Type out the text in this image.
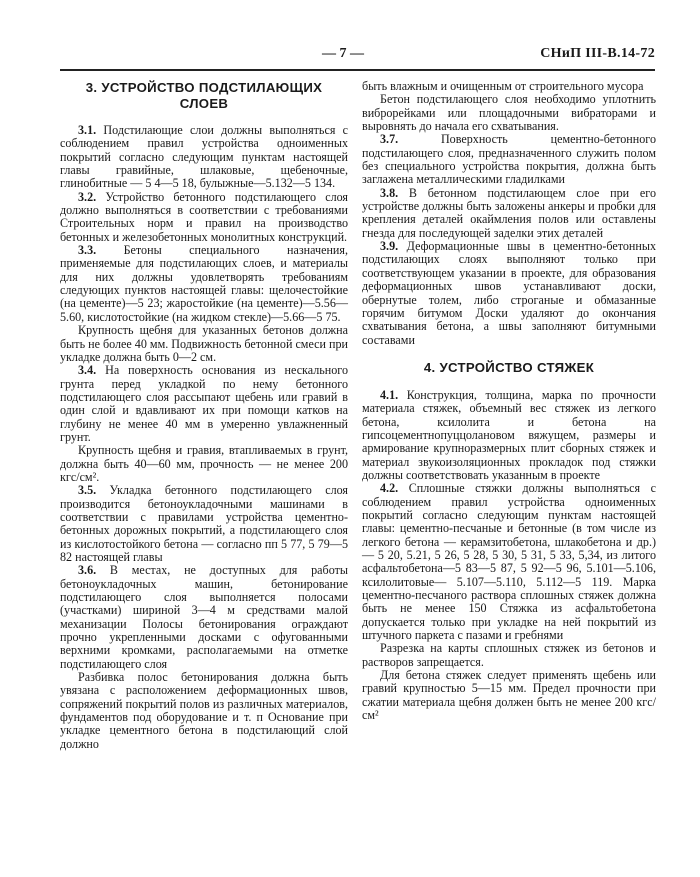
— 7 —	СНиП III-В.14-72
3. УСТРОЙСТВО ПОДСТИЛАЮЩИХ СЛОЕВ

3.1. Подстилающие слои должны выполняться с соблюдением правил устройства одноименных покрытий согласно следующим пунктам настоящей главы гравийные, шлаковые, щебеночные, глинобитные — 5 4—5 18, булыжные—5.132—5 134.

3.2. Устройство бетонного подстилающего слоя должно выполняться в соответствии с требованиями Строительных норм и правил на производство бетонных и железобетонных монолитных конструкций.

3.3. Бетоны специального назначения, применяемые для подстилающих слоев, и материалы для них должны удовлетворять требованиям следующих пунктов настоящей главы: щелочестойкие (на цементе)—5 23; жаростойкие (на цементе)—5.56—5.60, кислотостойкие (на жидком стекле)—5.66—5 75.

Крупность щебня для указанных бетонов должна быть не более 40 мм. Подвижность бетонной смеси при укладке должна быть 0—2 см.

3.4. На поверхность основания из нескального грунта перед укладкой по нему бетонного подстилающего слоя рассыпают щебень или гравий в один слой и вдавливают их при помощи катков на глубину не менее 40 мм в умеренно увлажненный грунт.

Крупность щебня и гравия, втапливаемых в грунт, должна быть 40—60 мм, прочность — не менее 200 кгс/см².

3.5. Укладка бетонного подстилающего слоя производится бетоноукладочными машинами в соответствии с правилами устройства цементно-бетонных дорожных покрытий, а подстилающего слоя из кислотостойкого бетона — согласно пп 5 77, 5 79—5 82 настоящей главы

3.6. В местах, не доступных для работы бетоноукладочных машин, бетонирование подстилающего слоя выполняется полосами (участками) шириной 3—4 м средствами малой механизации Полосы бетонирования ограждают прочно укрепленными досками с офугованными верхними кромками, располагаемыми на отметке подстилающего слоя

Разбивка полос бетонирования должна быть увязана с расположением деформационных швов, сопряжений покрытий полов из различных материалов, фундаментов под оборудование и т. п Основание при укладке цементного бетона в подстилающий слой должно

быть влажным и очищенным от строительного мусора

Бетон подстилающего слоя необходимо уплотнить виброрейками или площадочными вибраторами и выровнять до начала его схватывания.

3.7. Поверхность цементно-бетонного подстилающего слоя, предназначенного служить полом без специального устройства покрытия, должна быть заглажена металлическими гладилками

3.8. В бетонном подстилающем слое при его устройстве должны быть заложены анкеры и пробки для крепления деталей окаймления полов или оставлены гнезда для последующей заделки этих деталей

3.9. Деформационные швы в цементно-бетонных подстилающих слоях выполняют только при соответствующем указании в проекте, для образования деформационных швов устанавливают доски, обернутые толем, либо строганые и обмазанные горячим битумом Доски удаляют до окончания схватывания бетона, а швы заполняют битумными составами

4. УСТРОЙСТВО СТЯЖЕК

4.1. Конструкция, толщина, марка по прочности материала стяжек, объемный вес стяжек из легкого бетона, ксилолита и бетона на гипсоцементнопуццолановом вяжущем, размеры и армирование крупноразмерных плит сборных стяжек и материал звукоизоляционных прокладок под стяжки должны соответствовать указанным в проекте

4.2. Сплошные стяжки должны выполняться с соблюдением правил устройства одноименных покрытий согласно следующим пунктам настоящей главы: цементно-песчаные и бетонные (в том числе из легкого бетона — керамзитобетона, шлакобетона и др.) — 5 20, 5.21, 5 26, 5 28, 5 30, 5 31, 5 33, 5,34, из литого асфальтобетона—5 83—5 87, 5 92—5 96, 5.101—5.106, ксилолитовые— 5.107—5.110, 5.112—5 119. Марка цементно-песчаного раствора сплошных стяжек должна быть не менее 150 Стяжка из асфальтобетона допускается только при укладке на ней покрытий из штучного паркета с пазами и гребнями

Разрезка на карты сплошных стяжек из бетонов и растворов запрещается.

Для бетона стяжек следует применять щебень или гравий крупностью 5—15 мм. Предел прочности при сжатии материала щебня должен быть не менее 200 кгс/см²
